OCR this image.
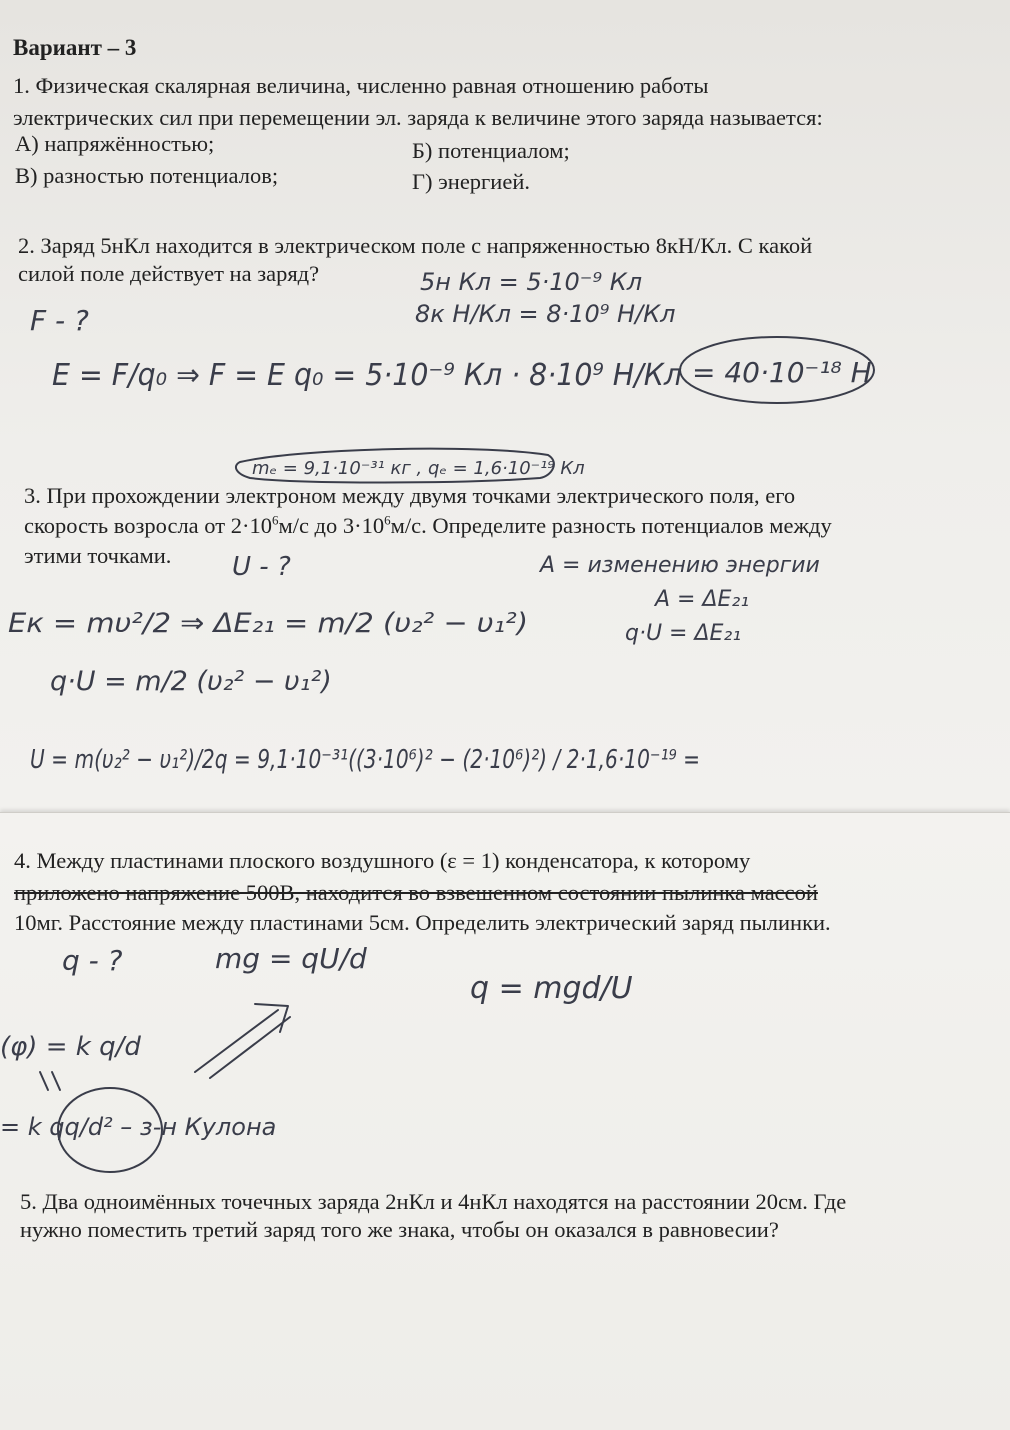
Вариант – 3
1. Физическая скалярная величина, численно равная отношению работы
электрических сил при перемещении эл. заряда к величине этого заряда называется:
А) напряжённостью;	Б) потенциалом;
В) разностью потенциалов;	Г) энергией.
2. Заряд 5нКл находится в электрическом поле с напряженностью 8кН/Кл. С какой
силой поле действует на заряд?
3. Пpи прохождении электроном между двумя точками электрического поля, его
скорость возросла от $2\cdot 10^6м/с$ до $3\cdot 10^6м/с$. Определите разность потенциалов между
этими точками.
4. Между пластинами плоского воздушного (ε = 1) конденсатора, к которому
приложено напряжение 500В, находится во взвешенном состоянии пылинка массой
10мг. Расстояние между пластинами 5см. Определить электрический заряд пылинки.
5. Два одноимённых точечных заряда 2нКл и 4нКл находятся на расстоянии 20см. Где
нужно поместить третий заряд того же знака, чтобы он оказался в равновесии?
5н Кл = 5·10⁻⁹ Кл
8к Н/Кл = 8·10⁹ Н/Кл
F - ?
E = F/q₀ ⇒ F = E q₀ = 5·10⁻⁹ Кл · 8·10⁹ Н/Кл = 40·10⁻¹⁸ Н
mₑ = 9,1·10⁻³¹ кг , qₑ = 1,6·10⁻¹⁹ Кл
U - ?	A = изменению энергии
A = ΔE₂₁
q·U = ΔE₂₁
Eк = mυ²/2 ⇒ ΔE₂₁ = m/2 (υ₂² − υ₁²)
q·U = m/2 (υ₂² − υ₁²)
U = m(υ₂² − υ₁²)/2q = 9,1·10⁻³¹((3·10⁶)² − (2·10⁶)²) / 2·1,6·10⁻¹⁹ =
q - ?	mg = qU/d
q = mgd/U
(φ) = k q/d
= k qq/d² – з-н Кулона
